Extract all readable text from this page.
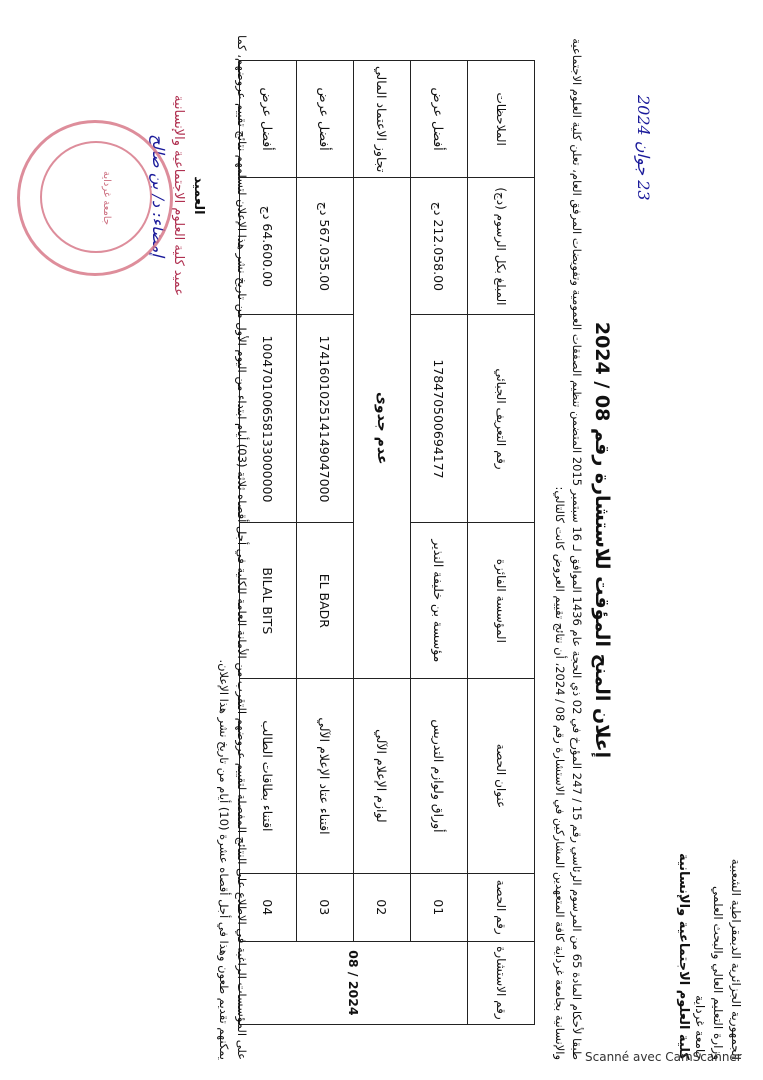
الجمهورية الجزائرية الديمقراطية الشعبية
وزارة التعليم العالي والبحث العلمي
جامعة غرداية
كلية العلوم الاجتماعية والإنسانية
23 جوان 2024
إعلان المنح المؤقت للاستشارة رقم 08 / 2024
طبقا لأحكام المادة 65 من المرسوم الرئاسي رقم 15 / 247 المؤرخ في 02 ذي الحجة عام 1436 الموافق لـ 16 سبتمبر 2015 المتضمن تنظيم الصفقات العمومية وتفويضات المرفق العام، تعلن كلية العلوم الاجتماعية والإنسانية بجامعة غرداية كافة المتعهدين المشاركين في الاستشارة رقم 08 / 2024، أن نتائج تقييم العروض كانت كالتالي:
رقم الاستشارة	رقم الحصة	عنوان الحصة	المؤسسة الفائزة	رقم التعريف الجبائي	المبلغ بكل الرسوم (دج)	الملاحظات
2024 / 08	01	أوراق ولوازم التدريس	مؤسسة بن خليفة النذير	178470500694177	212.058.00 دج	أفضل عرض
	02	لوازم الإعلام الآلي	عدم جدوى			تجاوز الاعتماد المالي
	03	اقتناء عتاد الإعلام الآلي	EL BADR	174160102514149047000	567.035.00 دج	أفضل عرض
	04	اقتناء بطاقات الطالب	BILAL BITS	100470100658133000000	64.600.00 دج	أفضل عرض
على المؤسسات الراغبة في الاطلاع على النتائج المفصلة لتقييم عروضهم التقرب من الأمانة العامة للكلية في أجل أقصاه ثلاثة (03) أيام ابتداء من اليوم الأول من تاريخ نشر هذا الإعلان لتسلمهم نتائج تقييم عروضهم، كما يمكنهم تقديم طعون وهذا في أجل أقصاه عشرة (10) أيام من تاريخ نشر هذا الإعلان.
العميد
عميد كلية العلوم الاجتماعية والإنسانية
إمضاء: د/ بن صالح
جامعة غرداية
Scanné avec CamScanner
